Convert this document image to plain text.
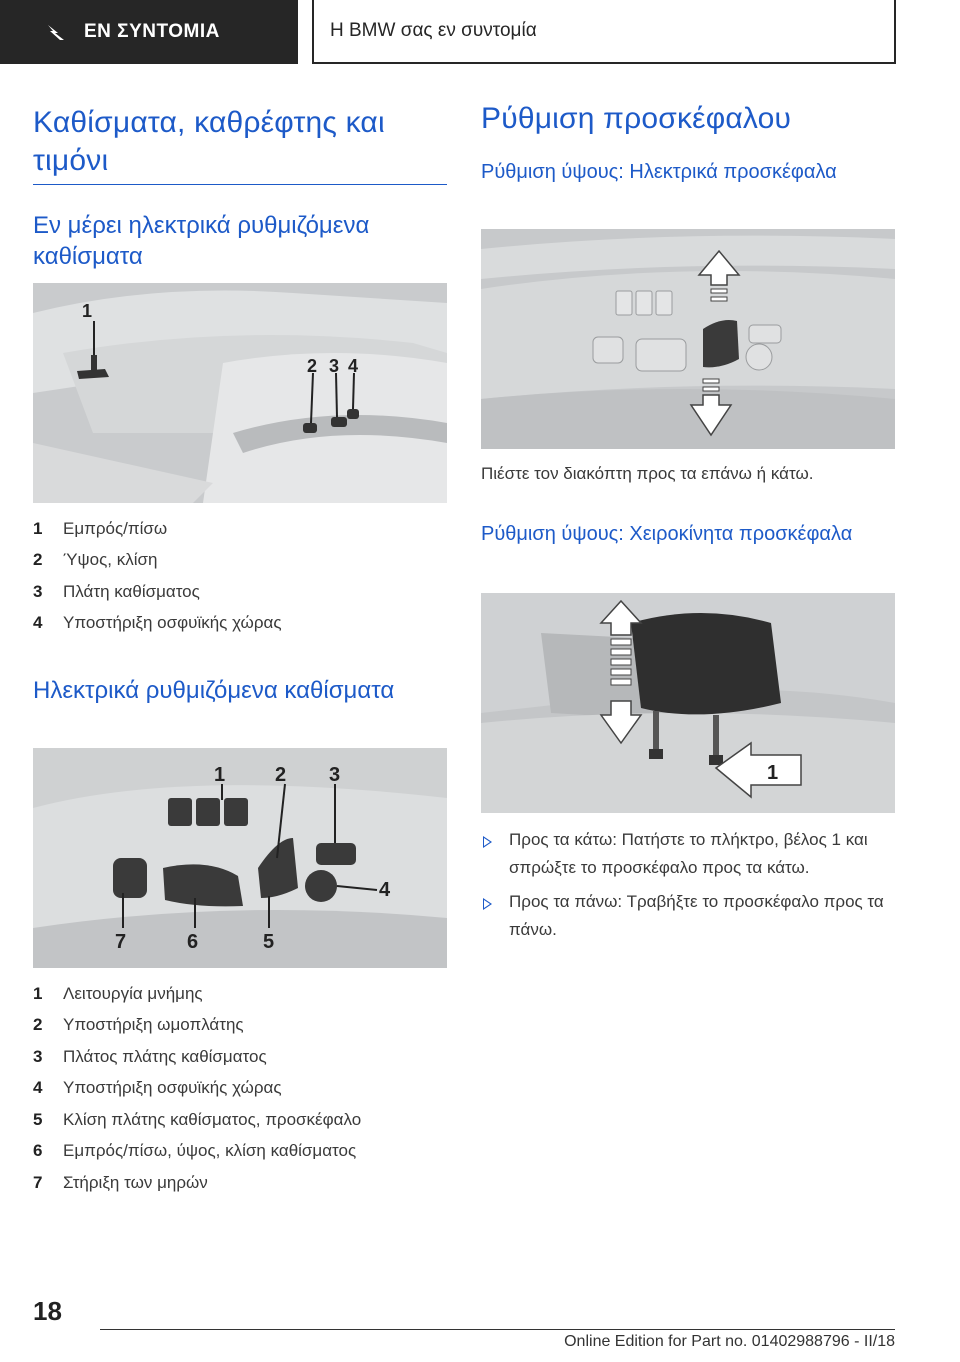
ΕΝ ΣΥΝΤΟΜΙΑ	Η BMW σας εν συντομία
Καθίσματα, καθρέφτης και τιμόνι
Εν μέρει ηλεκτρικά ρυθμιζόμενα καθίσματα
1
2 3 4
1	Εμπρός/πίσω
2	Ύψος, κλίση
3	Πλάτη καθίσματος
4	Υποστήριξη οσφυϊκής χώρας
Ηλεκτρικά ρυθμιζόμενα καθίσματα
1 2 3
4
5
6
7
1	Λειτουργία μνήμης
2	Υποστήριξη ωμοπλάτης
3	Πλάτος πλάτης καθίσματος
4	Υποστήριξη οσφυϊκής χώρας
5	Κλίση πλάτης καθίσματος, προσκέφαλο
6	Εμπρός/πίσω, ύψος, κλίση καθίσματος
7	Στήριξη των μηρών
Ρύθμιση προσκέφαλου
Ρύθμιση ύψους: Ηλεκτρικά προσκέφαλα
Πιέστε τον διακόπτη προς τα επάνω ή κάτω.
Ρύθμιση ύψους: Χειροκίνητα προσκέφαλα
1
Προς τα κάτω: Πατήστε το πλήκτρο, βέλος 1 και σπρώξτε το προσκέφαλο προς τα κάτω.
Προς τα πάνω: Τραβήξτε το προσκέφαλο προς τα πάνω.
18
Online Edition for Part no. 01402988796 - II/18
